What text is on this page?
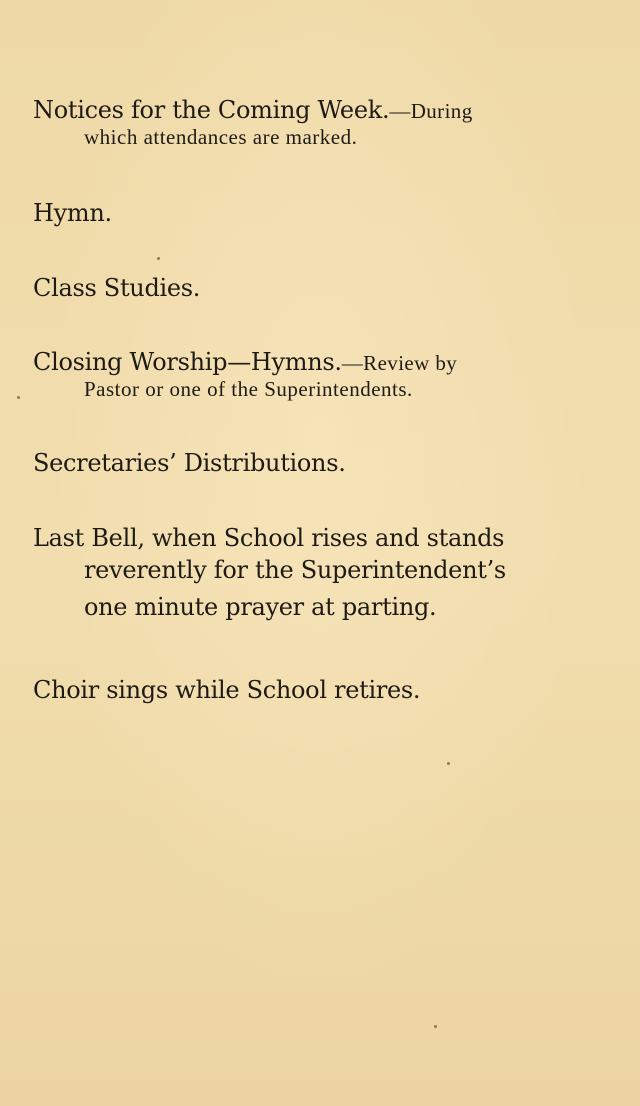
Notices for the Coming Week.—During
which attendances are marked.
Hymn.
Class Studies.
Closing Worship—Hymns.—Review by
Pastor or one of the Superintendents.
Secretaries’ Distributions.
Last Bell, when School rises and stands
reverently for the Superintendent’s
one minute prayer at parting.
Choir sings while School retires.
